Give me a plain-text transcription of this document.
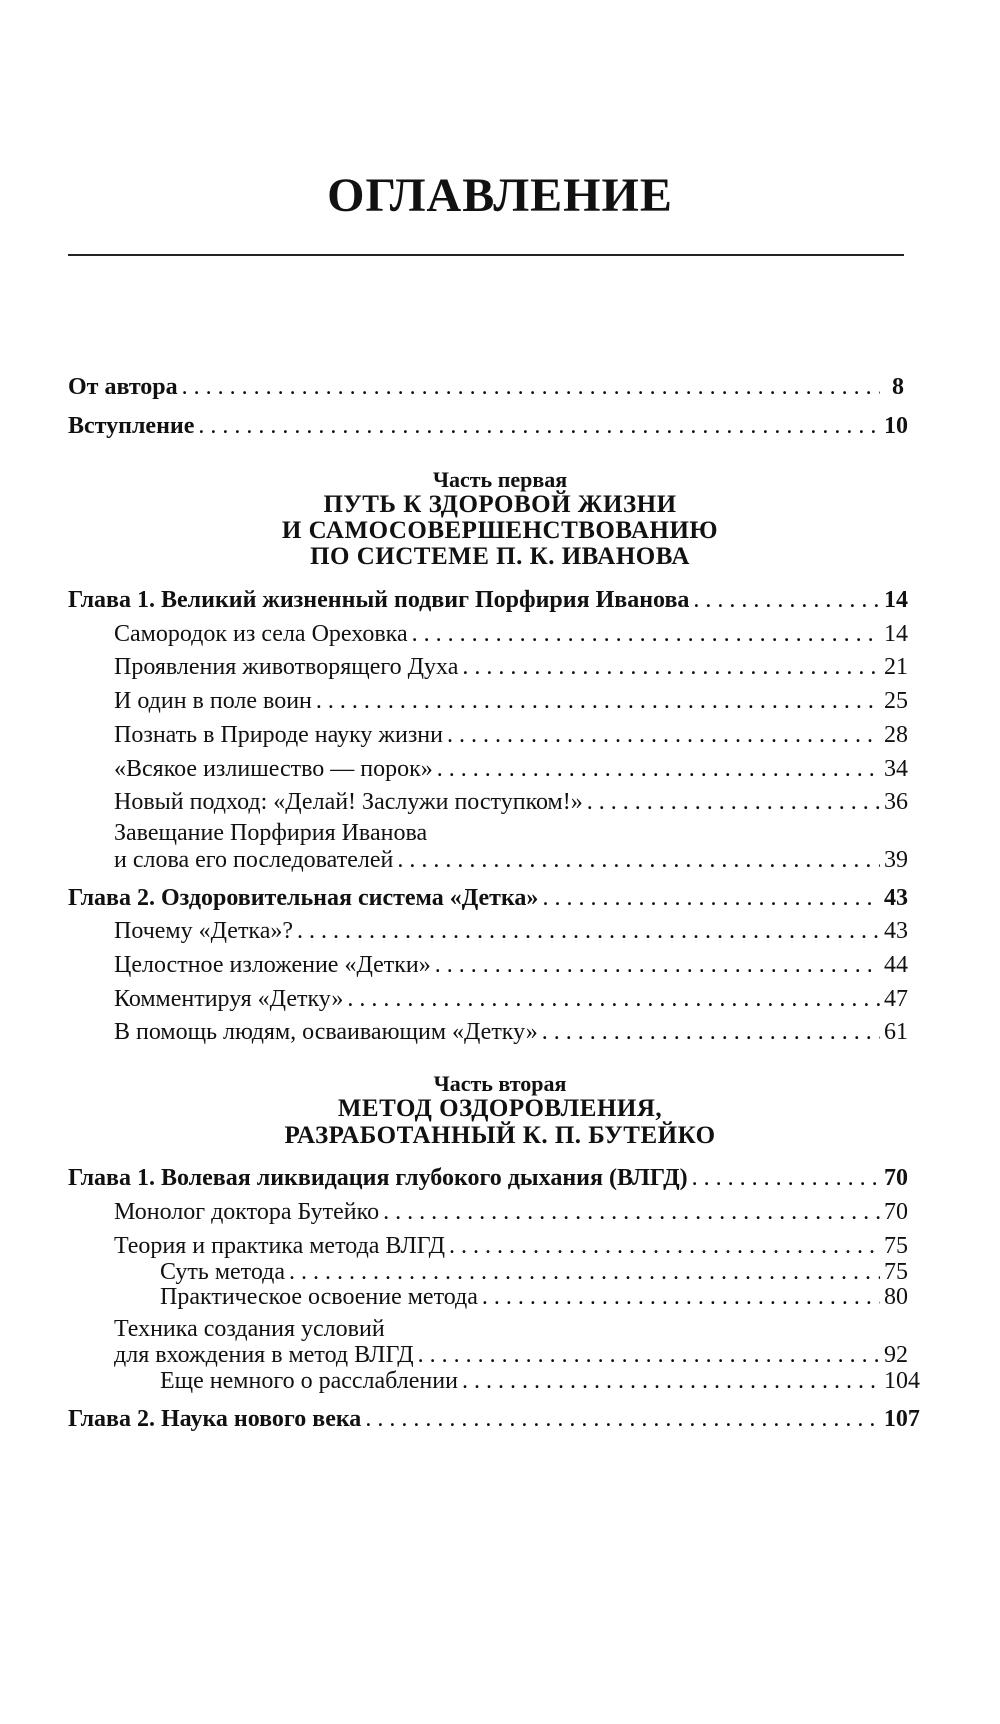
ОГЛАВЛЕНИЕ
От автора . . .	8
Вступление . . .	10
Часть первая
ПУТЬ К ЗДОРОВОЙ ЖИЗНИ
И САМОСОВЕРШЕНСТВОВАНИЮ
ПО СИСТЕМЕ П. К. ИВАНОВА
Глава 1. Великий жизненный подвиг Порфирия Иванова . . .	14
Самородок из села Ореховка . . .	14
Проявления животворящего Духа . . .	21
И один в поле воин . . .	25
Познать в Природе науку жизни . . .	28
«Всякое излишество — порок» . . .	34
Новый подход: «Делай! Заслужи поступком!» . . .	36
Завещание Порфирия Иванова
и слова его последователей . . .	39
Глава 2. Оздоровительная система «Детка» . . .	43
Почему «Детка»? . . .	43
Целостное изложение «Детки» . . .	44
Комментируя «Детку» . . .	47
В помощь людям, осваивающим «Детку» . . .	61
Часть вторая
МЕТОД ОЗДОРОВЛЕНИЯ,
РАЗРАБОТАННЫЙ К. П. БУТЕЙКО
Глава 1. Волевая ликвидация глубокого дыхания (ВЛГД) . . .	70
Монолог доктора Бутейко . . .	70
Теория и практика метода ВЛГД . . .	75
Суть метода . . .	75
Практическое освоение метода . . .	80
Техника создания условий
для вхождения в метод ВЛГД . . .	92
Еще немного о расслаблении . . .	104
Глава 2. Наука нового века . . .	107
